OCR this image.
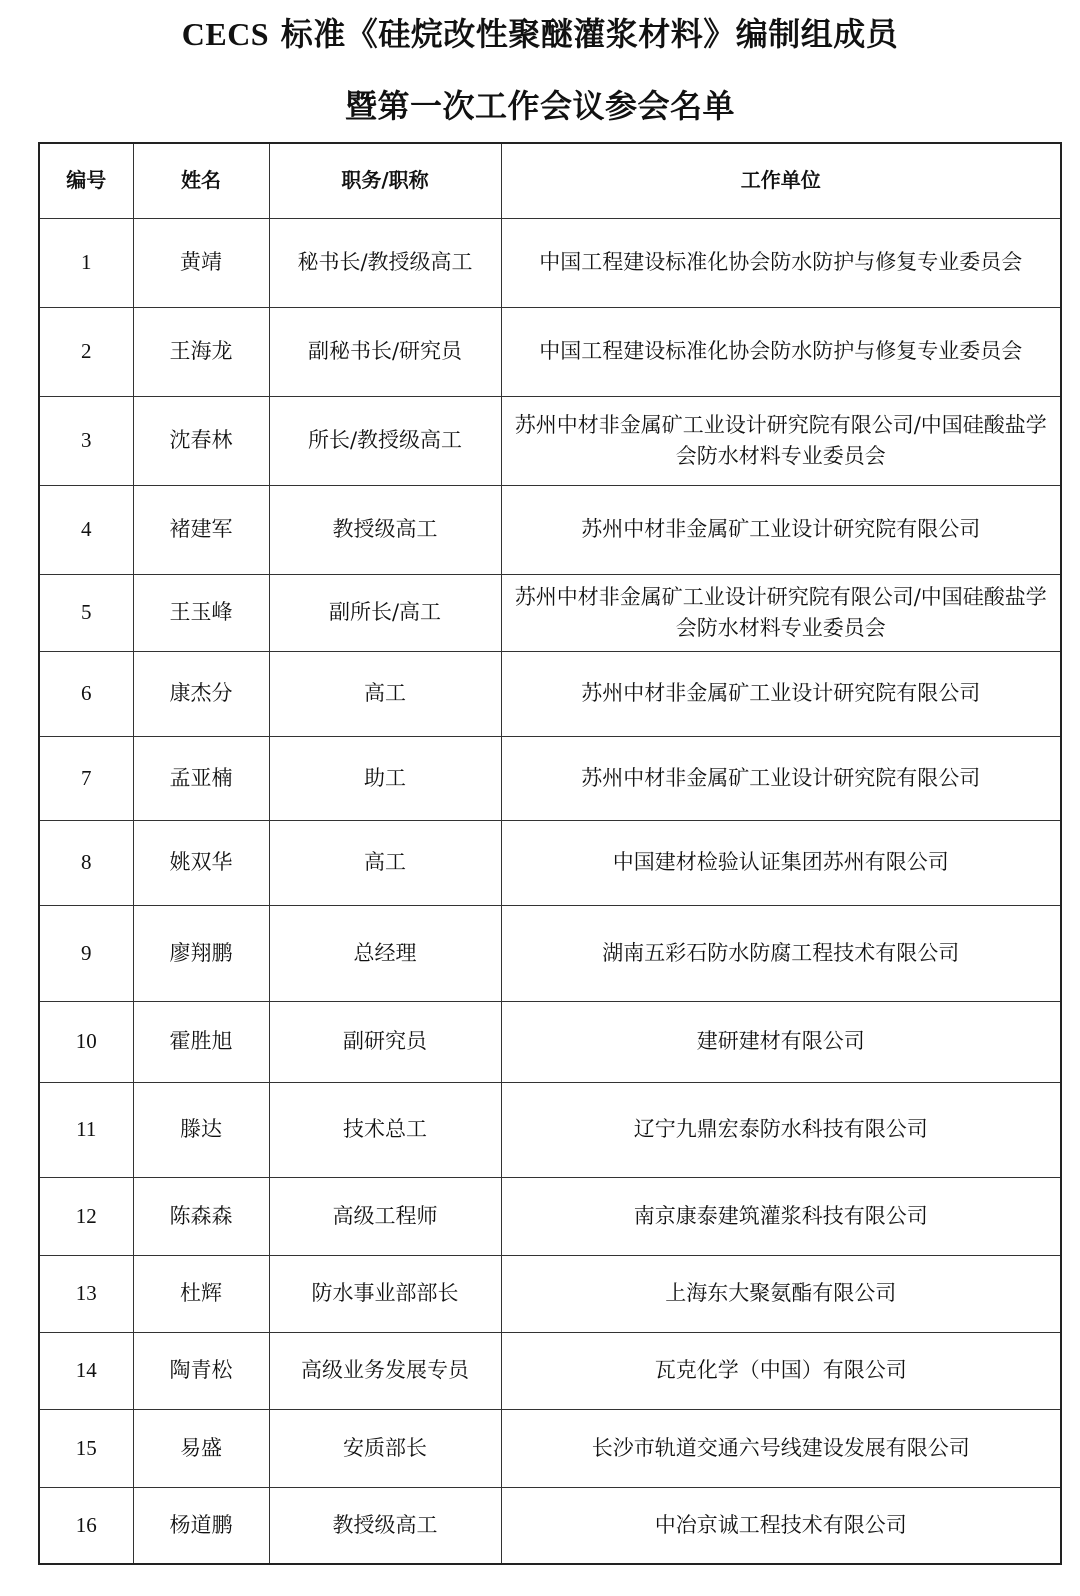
CECS 标准《硅烷改性聚醚灌浆材料》编制组成员
暨第一次工作会议参会名单
编号	姓名	职务/职称	工作单位
1	黄靖	秘书长/教授级高工	中国工程建设标准化协会防水防护与修复专业委员会
2	王海龙	副秘书长/研究员	中国工程建设标准化协会防水防护与修复专业委员会
3	沈春林	所长/教授级高工	苏州中材非金属矿工业设计研究院有限公司/中国硅酸盐学会防水材料专业委员会
4	褚建军	教授级高工	苏州中材非金属矿工业设计研究院有限公司
5	王玉峰	副所长/高工	苏州中材非金属矿工业设计研究院有限公司/中国硅酸盐学会防水材料专业委员会
6	康杰分	高工	苏州中材非金属矿工业设计研究院有限公司
7	孟亚楠	助工	苏州中材非金属矿工业设计研究院有限公司
8	姚双华	高工	中国建材检验认证集团苏州有限公司
9	廖翔鹏	总经理	湖南五彩石防水防腐工程技术有限公司
10	霍胜旭	副研究员	建研建材有限公司
11	滕达	技术总工	辽宁九鼎宏泰防水科技有限公司
12	陈森森	高级工程师	南京康泰建筑灌浆科技有限公司
13	杜辉	防水事业部部长	上海东大聚氨酯有限公司
14	陶青松	高级业务发展专员	瓦克化学（中国）有限公司
15	易盛	安质部长	长沙市轨道交通六号线建设发展有限公司
16	杨道鹏	教授级高工	中冶京诚工程技术有限公司
